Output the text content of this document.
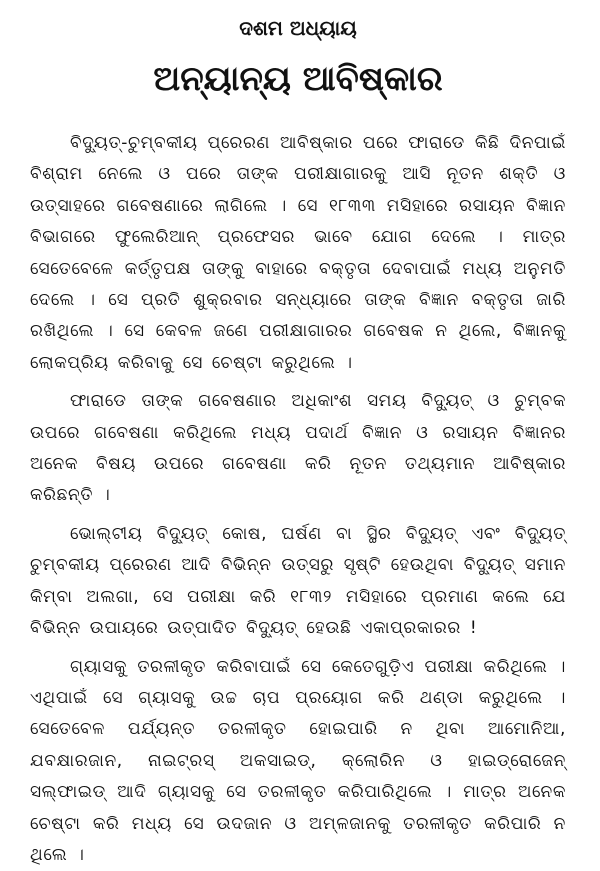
ଦଶମ ଅଧ୍ୟାୟ
ଅନ୍ୟାନ୍ୟ ଆବିଷ୍କାର

ବିଦ୍ୟୁତ୍-ଚୁମ୍ବକୀୟ ପ୍ରେରଣ ଆବିଷ୍କାର ପରେ ଫାରାଡେ କିଛି ଦିନପାଇଁ ବିଶ୍ରାମ ନେଲେ ଓ ପରେ ତାଙ୍କ ପରୀକ୍ଷାଗାରକୁ ଆସି ନୂତନ ଶକ୍ତି ଓ ଉତ୍ସାହରେ ଗବେଷଣାରେ ଲାଗିଲେ । ସେ ୧୮୩୩ ମସିହାରେ ରସାୟନ ବିଜ୍ଞାନ ବିଭାଗରେ ଫୁଲେରିଆନ୍ ପ୍ରଫେସର ଭାବେ ଯୋଗ ଦେଲେ । ମାତ୍ର ସେତେବେଳେ କର୍ତ୍ତୃପକ୍ଷ ତାଙ୍କୁ ବାହାରେ ବକ୍ତୃତା ଦେବାପାଇଁ ମଧ୍ୟ ଅନୁମତି ଦେଲେ । ସେ ପ୍ରତି ଶୁକ୍ରବାର ସନ୍ଧ୍ୟାରେ ତାଙ୍କ ବିଜ୍ଞାନ ବକ୍ତୃତା ଜାରି ରଖିଥିଲେ । ସେ କେବଳ ଜଣେ ପରୀକ୍ଷାଗାରର ଗବେଷକ ନ ଥିଲେ, ବିଜ୍ଞାନକୁ ଲୋକପ୍ରିୟ କରିବାକୁ ସେ ଚେଷ୍ଟା କରୁଥିଲେ ।

ଫାରାଡେ ତାଙ୍କ ଗବେଷଣାର ଅଧିକାଂଶ ସମୟ ବିଦ୍ୟୁତ୍ ଓ ଚୁମ୍ବକ ଉପରେ ଗବେଷଣା କରିଥିଲେ ମଧ୍ୟ ପଦାର୍ଥ ବିଜ୍ଞାନ ଓ ରସାୟନ ବିଜ୍ଞାନର ଅନେକ ବିଷୟ ଉପରେ ଗବେଷଣା କରି ନୂତନ ତଥ୍ୟମାନ ଆବିଷ୍କାର କରିଛନ୍ତି ।

ଭୋଲ୍‌ଟୀୟ ବିଦ୍ୟୁତ୍ କୋଷ, ଘର୍ଷଣ ବା ସ୍ଥିର ବିଦ୍ୟୁତ୍ ଏବଂ ବିଦ୍ୟୁତ୍ ଚୁମ୍ବକୀୟ ପ୍ରେରଣ ଆଦି ବିଭିନ୍ନ ଉତ୍ସରୁ ସୃଷ୍ଟି ହେଉଥିବା ବିଦ୍ୟୁତ୍ ସମାନ କିମ୍ବା ଅଲଗା, ସେ ପରୀକ୍ଷା କରି ୧୮୩୨ ମସିହାରେ ପ୍ରମାଣ କଲେ ଯେ ବିଭିନ୍ନ ଉପାୟରେ ଉତ୍ପାଦିତ ବିଦ୍ୟୁତ୍ ହେଉଛି ଏକାପ୍ରକାରର !

ଗ୍ୟାସକୁ ତରଳୀକୃତ କରିବାପାଇଁ ସେ କେତେଗୁଡ଼ିଏ ପରୀକ୍ଷା କରିଥିଲେ । ଏଥିପାଇଁ ସେ ଗ୍ୟାସକୁ ଉଚ୍ଚ ଚାପ ପ୍ରୟୋଗ କରି ଥଣ୍ଡା କରୁଥିଲେ । ସେତେବେଳ ପର୍ଯ୍ୟନ୍ତ ତରଳୀକୃତ ହୋଇପାରି ନ ଥିବା ଆମୋନିଆ, ଯବକ୍ଷାରଜାନ, ନାଇଟ୍ରସ୍ ଅକସାଇଡ୍, କ୍ଲୋରିନ ଓ ହାଇଡ୍ରୋଜେନ୍ ସଲ୍‌ଫାଇଡ୍ ଆଦି ଗ୍ୟାସକୁ ସେ ତରଳୀକୃତ କରିପାରିଥିଲେ । ମାତ୍ର ଅନେକ ଚେଷ୍ଟା କରି ମଧ୍ୟ ସେ ଉଦଜାନ ଓ ଅମ୍ଳଜାନକୁ ତରଳୀକୃତ କରିପାରି ନ ଥିଲେ ।
